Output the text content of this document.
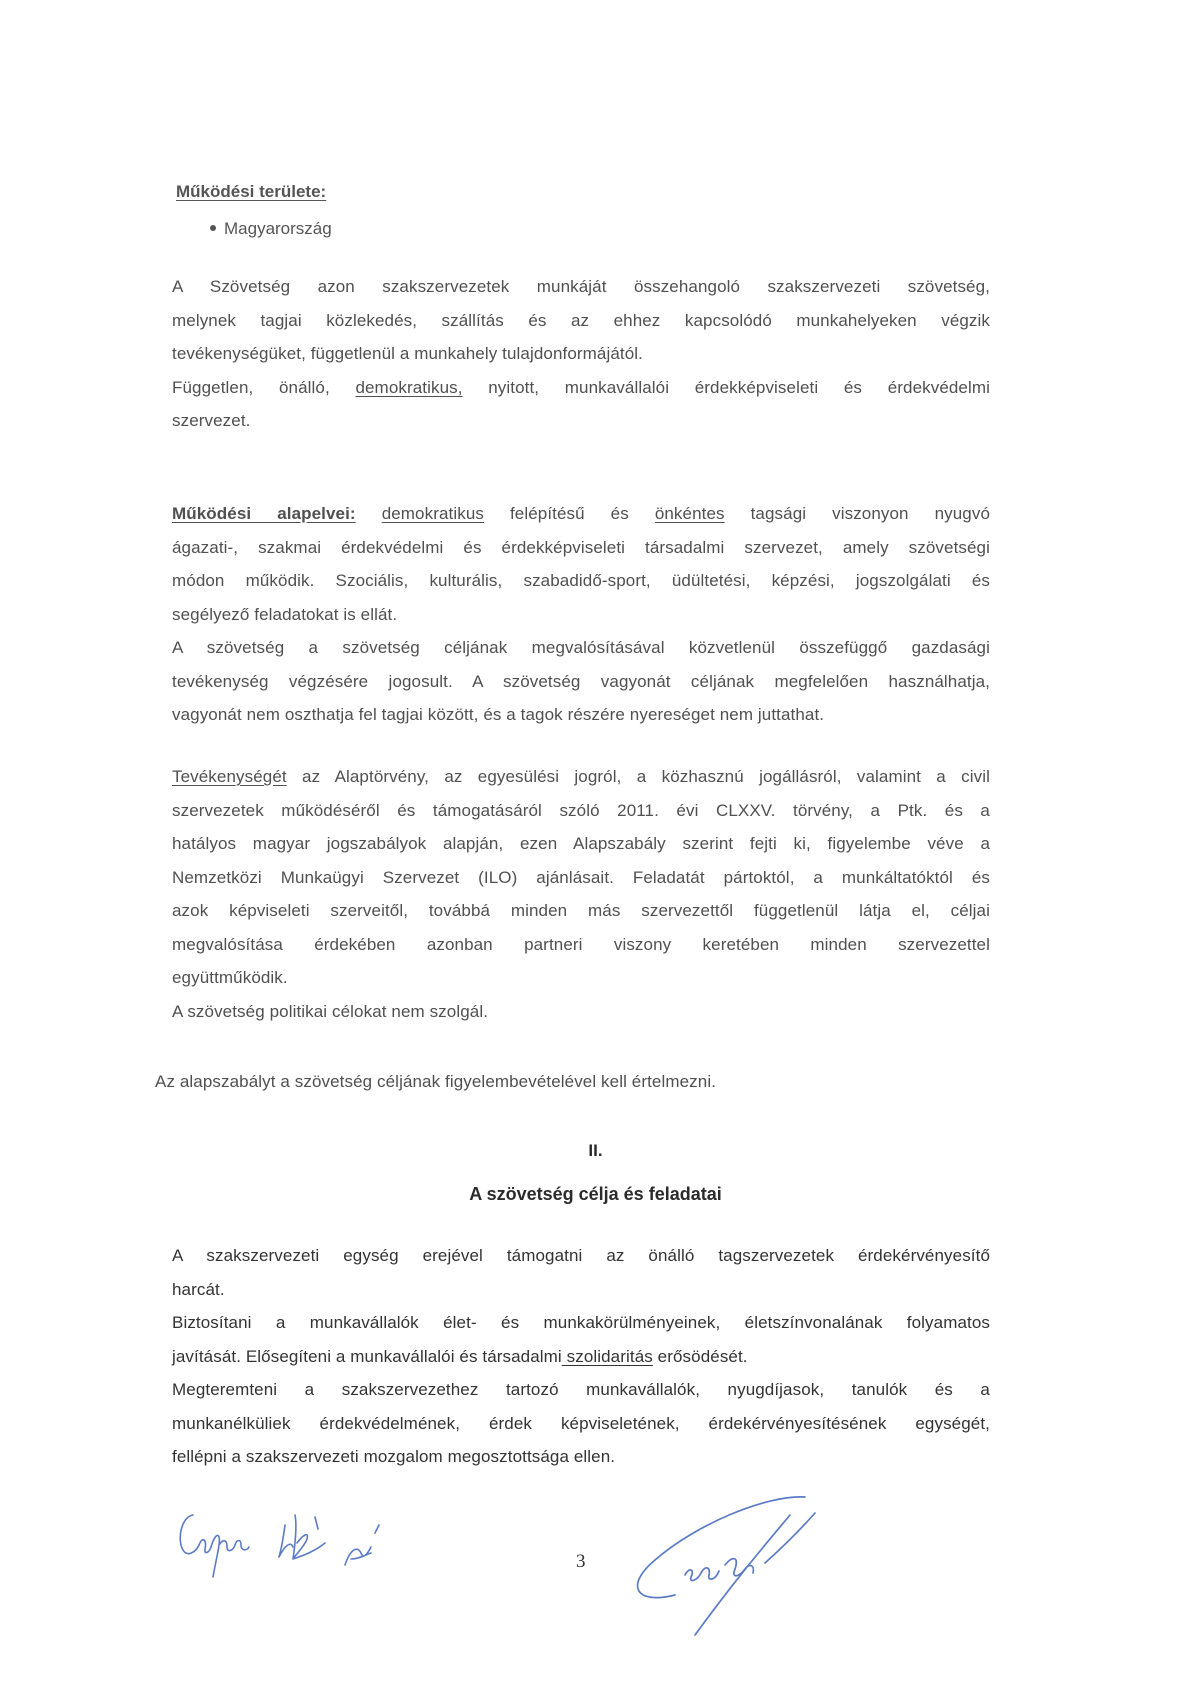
Működési területe:
Magyarország
A Szövetség azon szakszervezetek munkáját összehangoló szakszervezeti szövetség,
melynek tagjai közlekedés, szállítás és az ehhez kapcsolódó munkahelyeken végzik
tevékenységüket, függetlenül a munkahely tulajdonformájától.
Független, önálló, demokratikus, nyitott, munkavállalói érdekképviseleti és érdekvédelmi
szervezet.
Működési alapelvei: demokratikus felépítésű és önkéntes tagsági viszonyon nyugvó
ágazati-, szakmai érdekvédelmi és érdekképviseleti társadalmi szervezet, amely szövetségi
módon működik. Szociális, kulturális, szabadidő-sport, üdültetési, képzési, jogszolgálati és
segélyező feladatokat is ellát.
A szövetség a szövetség céljának megvalósításával közvetlenül összefüggő gazdasági
tevékenység végzésére jogosult. A szövetség vagyonát céljának megfelelően használhatja,
vagyonát nem oszthatja fel tagjai között, és a tagok részére nyereséget nem juttathat.
Tevékenységét az Alaptörvény, az egyesülési jogról, a közhasznú jogállásról, valamint a civil
szervezetek működéséről és támogatásáról szóló 2011. évi CLXXV. törvény, a Ptk. és a
hatályos magyar jogszabályok alapján, ezen Alapszabály szerint fejti ki, figyelembe véve a
Nemzetközi Munkaügyi Szervezet (ILO) ajánlásait. Feladatát pártoktól, a munkáltatóktól és
azok képviseleti szerveitől, továbbá minden más szervezettől függetlenül látja el, céljai
megvalósítása érdekében azonban partneri viszony keretében minden szervezettel
együttműködik.
A szövetség politikai célokat nem szolgál.
Az alapszabályt a szövetség céljának figyelembevételével kell értelmezni.
II.
A szövetség célja és feladatai
A szakszervezeti egység erejével támogatni az önálló tagszervezetek érdekérvényesítő
harcát.
Biztosítani a munkavállalók élet- és munkakörülményeinek, életszínvonalának folyamatos
javítását. Elősegíteni a munkavállalói és társadalmi szolidaritás erősödését.
Megteremteni a szakszervezethez tartozó munkavállalók, nyugdíjasok, tanulók és a
munkanélküliek érdekvédelmének, érdek képviseletének, érdekérvényesítésének egységét,
fellépni a szakszervezeti mozgalom megosztottsága ellen.
3
